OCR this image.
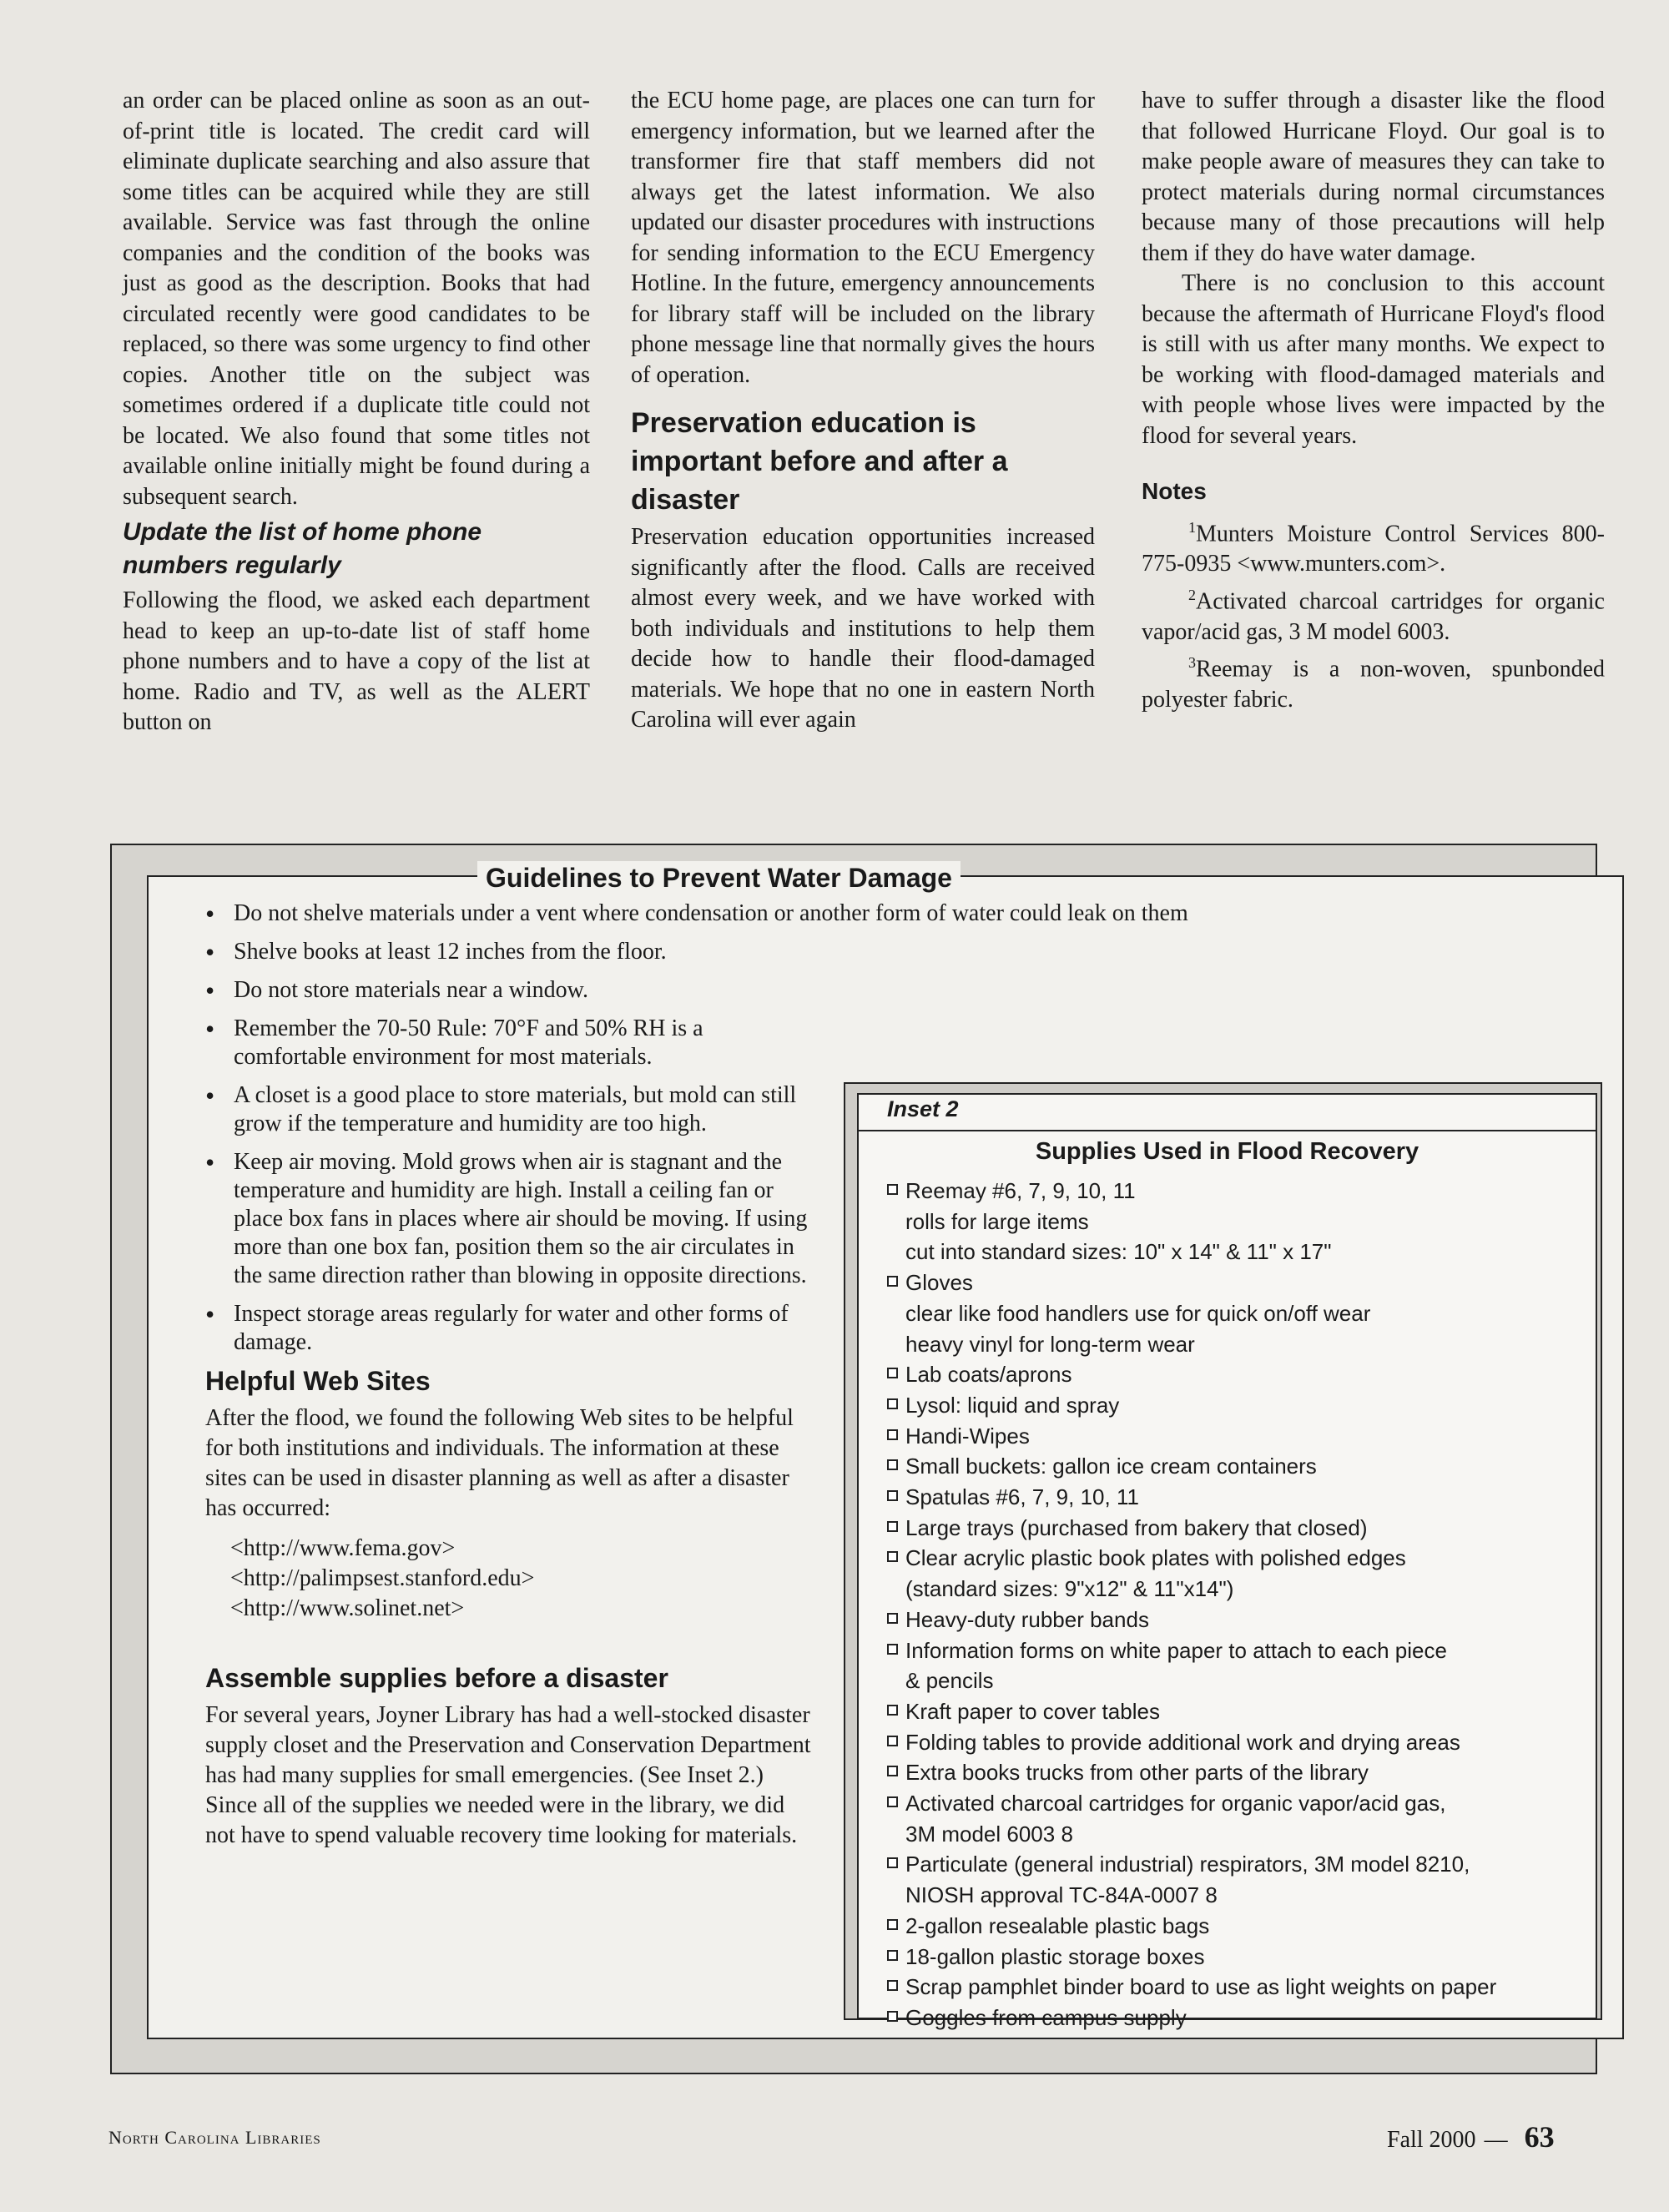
an order can be placed online as soon as an out-of-print title is located. The credit card will eliminate duplicate searching and also assure that some titles can be acquired while they are still available. Service was fast through the online companies and the condition of the books was just as good as the description. Books that had circulated recently were good candidates to be replaced, so there was some urgency to find other copies. Another title on the subject was sometimes ordered if a duplicate title could not be located. We also found that some titles not available online initially might be found during a subsequent search.

Update the list of home phone numbers regularly

Following the flood, we asked each department head to keep an up-to-date list of staff home phone numbers and to have a copy of the list at home. Radio and TV, as well as the ALERT button on

the ECU home page, are places one can turn for emergency information, but we learned after the transformer fire that staff members did not always get the latest information. We also updated our disaster procedures with instructions for sending information to the ECU Emergency Hotline. In the future, emergency announcements for library staff will be included on the library phone message line that normally gives the hours of operation.

Preservation education is important before and after a disaster

Preservation education opportunities increased significantly after the flood. Calls are received almost every week, and we have worked with both individuals and institutions to help them decide how to handle their flood-damaged materials. We hope that no one in eastern North Carolina will ever again

have to suffer through a disaster like the flood that followed Hurricane Floyd. Our goal is to make people aware of measures they can take to protect materials during normal circumstances because many of those precautions will help them if they do have water damage.

There is no conclusion to this account because the aftermath of Hurricane Floyd's flood is still with us after many months. We expect to be working with flood-damaged materials and with people whose lives were impacted by the flood for several years.

Notes

$^1$Munters Moisture Control Services 800-775-0935 <www.munters.com>.

$^2$Activated charcoal cartridges for organic vapor/acid gas, 3 M model 6003.

$^3$Reemay is a non-woven, spunbonded polyester fabric.

Guidelines to Prevent Water Damage
• Do not shelve materials under a vent where condensation or another form of water could leak on them
• Shelve books at least 12 inches from the floor.
• Do not store materials near a window.
• Remember the 70-50 Rule: 70°F and 50% RH is a comfortable environment for most materials.
• A closet is a good place to store materials, but mold can still grow if the temperature and humidity are too high.
• Keep air moving. Mold grows when air is stagnant and the temperature and humidity are high. Install a ceiling fan or place box fans in places where air should be moving. If using more than one box fan, position them so the air circulates in the same direction rather than blowing in opposite directions.
• Inspect storage areas regularly for water and other forms of damage.
Helpful Web Sites

After the flood, we found the following Web sites to be helpful for both institutions and individuals. The information at these sites can be used in disaster planning as well as after a disaster has occurred:

<http://www.fema.gov>
<http://palimpsest.stanford.edu>
<http://www.solinet.net>
Assemble supplies before a disaster

For several years, Joyner Library has had a well-stocked disaster supply closet and the Preservation and Conservation Department has had many supplies for small emergencies. (See Inset 2.) Since all of the supplies we needed were in the library, we did not have to spend valuable recovery time looking for materials.

Inset 2
Supplies Used in Flood Recovery
Reemay #6, 7, 9, 10, 11
rolls for large items
cut into standard sizes: 10" x 14" & 11" x 17"
Gloves
clear like food handlers use for quick on/off wear
heavy vinyl for long-term wear
Lab coats/aprons
Lysol: liquid and spray
Handi-Wipes
Small buckets: gallon ice cream containers
Spatulas #6, 7, 9, 10, 11
Large trays (purchased from bakery that closed)
Clear acrylic plastic book plates with polished edges
(standard sizes: 9"x12" & 11"x14")
Heavy-duty rubber bands
Information forms on white paper to attach to each piece
& pencils
Kraft paper to cover tables
Folding tables to provide additional work and drying areas
Extra books trucks from other parts of the library
Activated charcoal cartridges for organic vapor/acid gas,
3M model 6003 8
Particulate (general industrial) respirators, 3M model 8210,
NIOSH approval TC-84A-0007 8
2-gallon resealable plastic bags
18-gallon plastic storage boxes
Scrap pamphlet binder board to use as light weights on paper
Goggles from campus supply
North Carolina Libraries	Fall 2000 — 63
